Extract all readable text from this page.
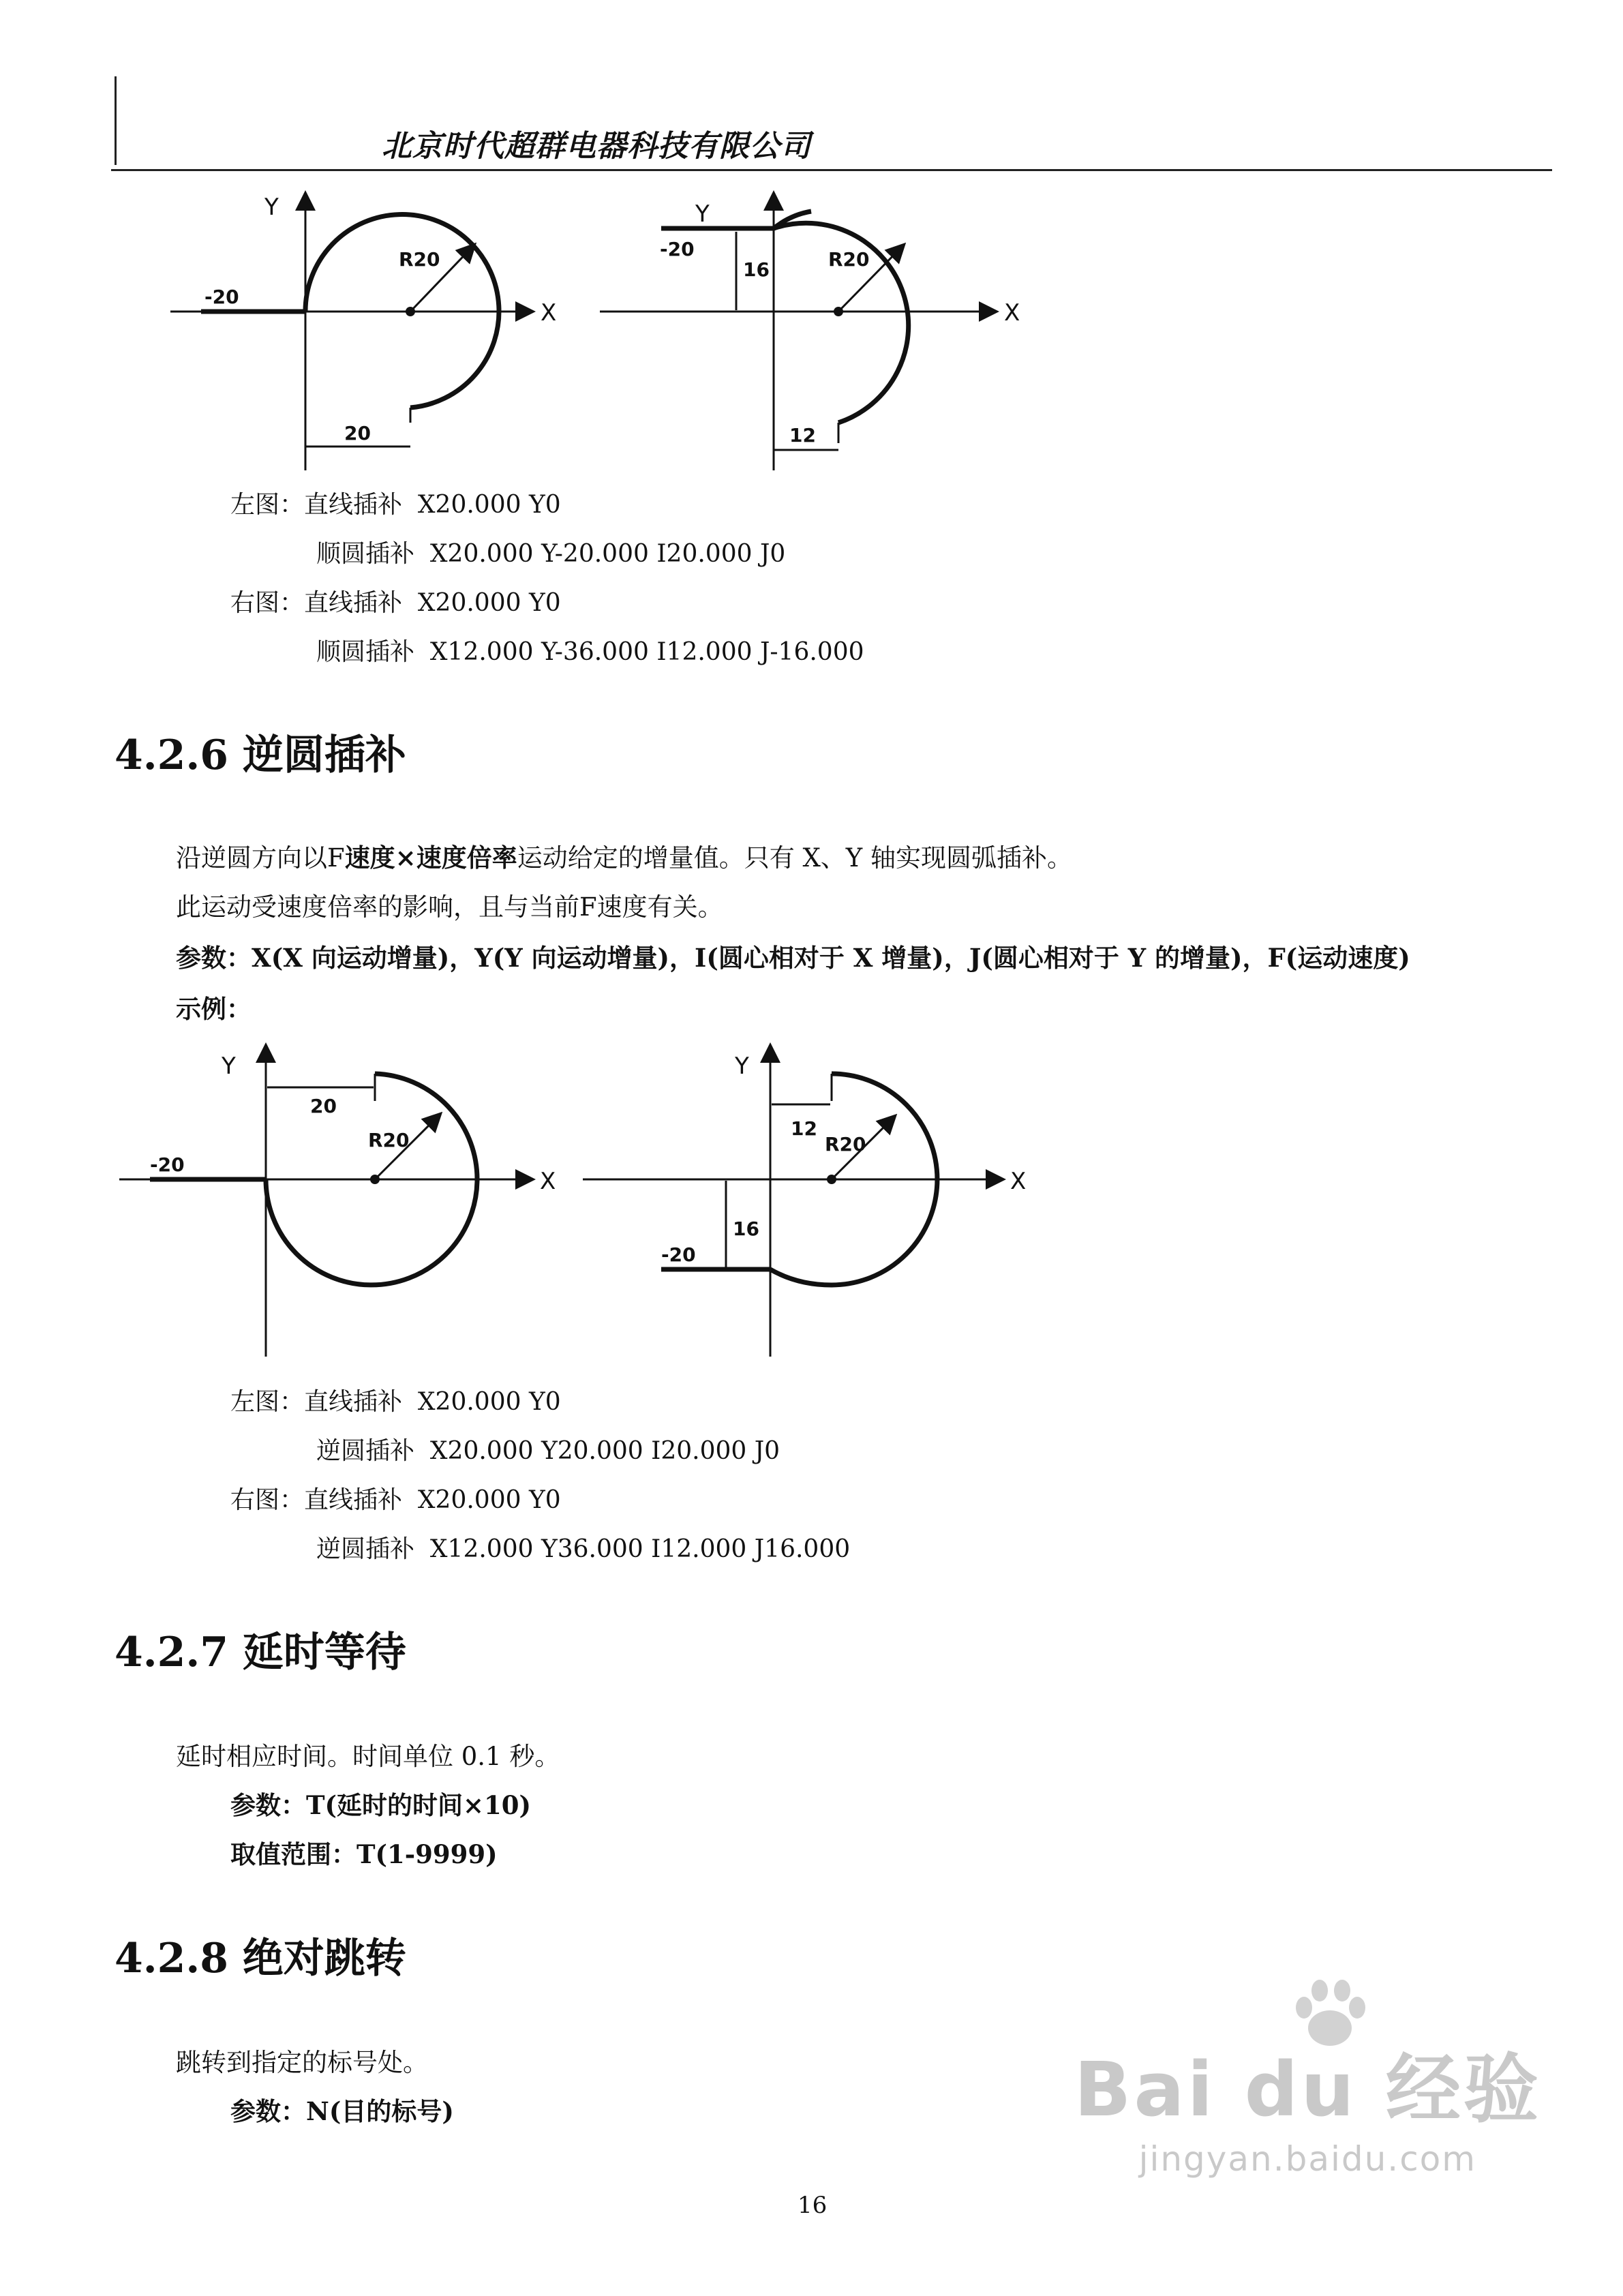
北京时代超群电器科技有限公司
Y
X
-20
R20
20
Y
X
-20
16	R20
12
左图：直线插补 X20.000 Y0
顺圆插补 X20.000 Y-20.000 I20.000 J0
右图：直线插补 X20.000 Y0
顺圆插补 X12.000 Y-36.000 I12.000 J-16.000
4.2.6 逆圆插补
沿逆圆方向以F速度×速度倍率运动给定的增量值。只有 X、Y 轴实现圆弧插补。
此运动受速度倍率的影响，且与当前F速度有关。
参数：X(X 向运动增量)，Y(Y 向运动增量)，I(圆心相对于 X 增量)，J(圆心相对于 Y 的增量)，F(运动速度)
示例：
Y
X
-20
20
R20
Y
X
-20
16
12
R20
左图：直线插补 X20.000 Y0
逆圆插补 X20.000 Y20.000 I20.000 J0
右图：直线插补 X20.000 Y0
逆圆插补 X12.000 Y36.000 I12.000 J16.000
4.2.7 延时等待
延时相应时间。时间单位 0.1 秒。
参数：T(延时的时间×10)
取值范围：T(1-9999)
4.2.8 绝对跳转
跳转到指定的标号处。
参数：N(目的标号)
16
Bai du 经验
jingyan.baidu.com
